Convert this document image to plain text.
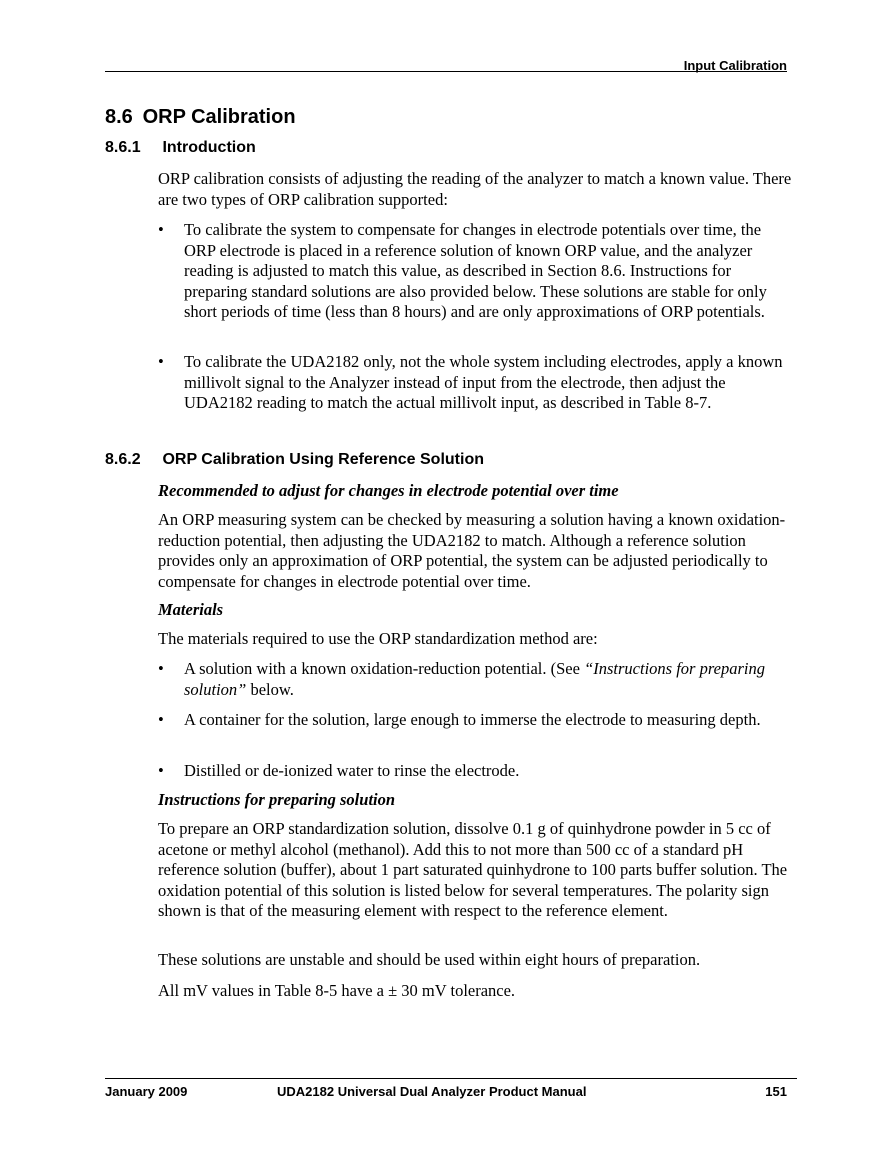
Input Calibration
8.6 ORP Calibration
8.6.1 Introduction

ORP calibration consists of adjusting the reading of the analyzer to match a known value. There are two types of ORP calibration supported:

• To calibrate the system to compensate for changes in electrode potentials over time, the ORP electrode is placed in a reference solution of known ORP value, and the analyzer reading is adjusted to match this value, as described in Section 8.6. Instructions for preparing standard solutions are also provided below. These solutions are stable for only short periods of time (less than 8 hours) and are only approximations of ORP potentials.
• To calibrate the UDA2182 only, not the whole system including electrodes, apply a known millivolt signal to the Analyzer instead of input from the electrode, then adjust the UDA2182 reading to match the actual millivolt input, as described in Table 8-7.
8.6.2 ORP Calibration Using Reference Solution
Recommended to adjust for changes in electrode potential over time

An ORP measuring system can be checked by measuring a solution having a known oxidation-reduction potential, then adjusting the UDA2182 to match. Although a reference solution provides only an approximation of ORP potential, the system can be adjusted periodically to compensate for changes in electrode potential over time.

Materials
The materials required to use the ORP standardization method are:
• A solution with a known oxidation-reduction potential. (See “Instructions for preparing solution” below.
• A container for the solution, large enough to immerse the electrode to measuring depth.
• Distilled or de-ionized water to rinse the electrode.
Instructions for preparing solution

To prepare an ORP standardization solution, dissolve 0.1 g of quinhydrone powder in 5 cc of acetone or methyl alcohol (methanol). Add this to not more than 500 cc of a standard pH reference solution (buffer), about 1 part saturated quinhydrone to 100 parts buffer solution. The oxidation potential of this solution is listed below for several temperatures. The polarity sign shown is that of the measuring element with respect to the reference element.

These solutions are unstable and should be used within eight hours of preparation.
All mV values in Table 8-5 have a ± 30 mV tolerance.
January 2009	UDA2182 Universal Dual Analyzer Product Manual	151
